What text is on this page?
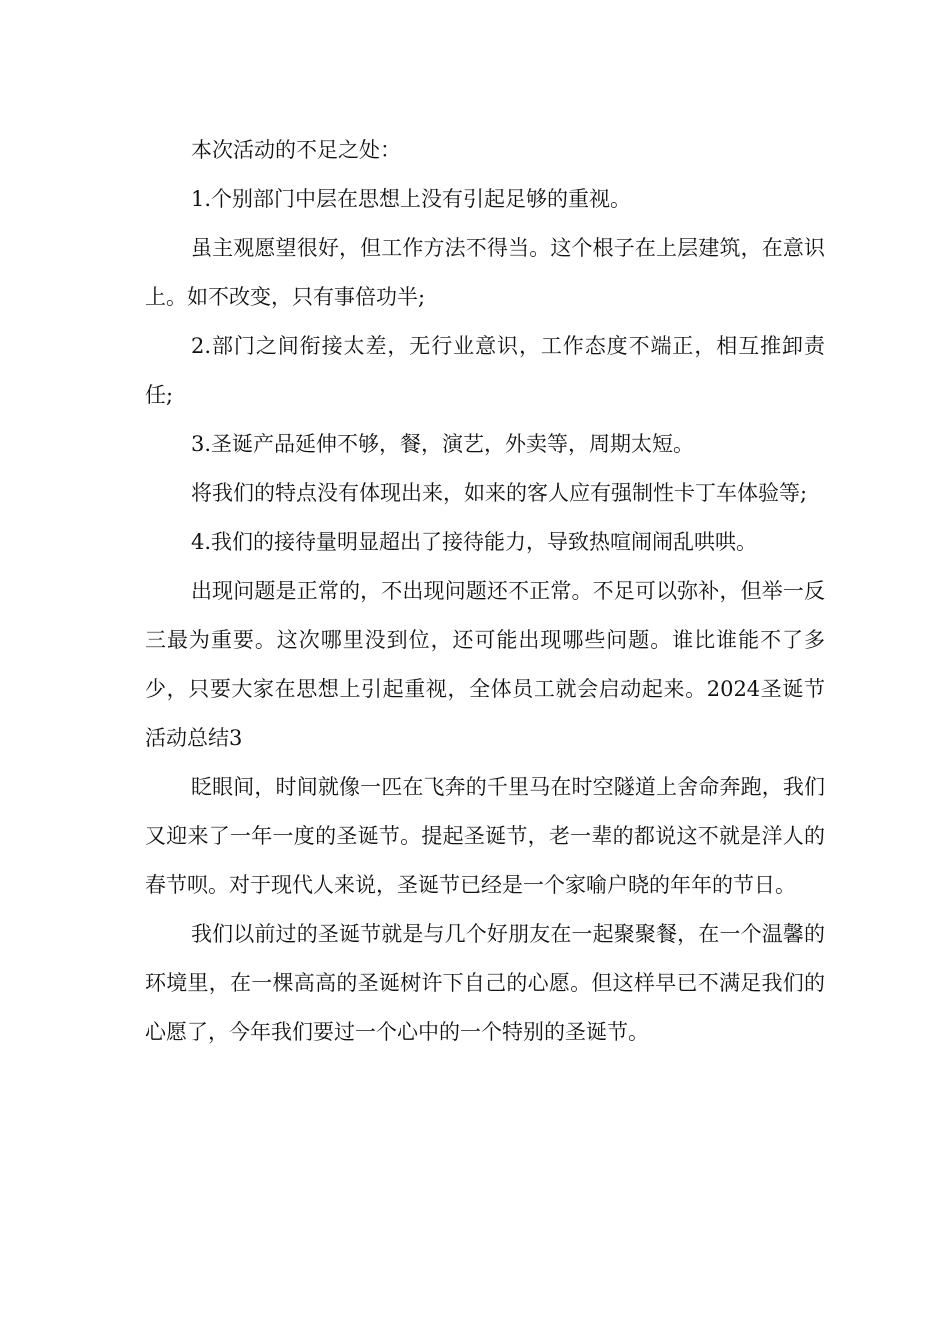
本次活动的不足之处：

1.个别部门中层在思想上没有引起足够的重视。

虽主观愿望很好，但工作方法不得当。这个根子在上层建筑，在意识上。如不改变，只有事倍功半;

2.部门之间衔接太差，无行业意识，工作态度不端正，相互推卸责任;

3.圣诞产品延伸不够，餐，演艺，外卖等，周期太短。

将我们的特点没有体现出来，如来的客人应有强制性卡丁车体验等;

4.我们的接待量明显超出了接待能力，导致热喧闹闹乱哄哄。

出现问题是正常的，不出现问题还不正常。不足可以弥补，但举一反三最为重要。这次哪里没到位，还可能出现哪些问题。谁比谁能不了多少，只要大家在思想上引起重视，全体员工就会启动起来。2024圣诞节活动总结3

眨眼间，时间就像一匹在飞奔的千里马在时空隧道上舍命奔跑，我们又迎来了一年一度的圣诞节。提起圣诞节，老一辈的都说这不就是洋人的春节呗。对于现代人来说，圣诞节已经是一个家喻户晓的年年的节日。

我们以前过的圣诞节就是与几个好朋友在一起聚聚餐，在一个温馨的环境里，在一棵高高的圣诞树许下自己的心愿。但这样早已不满足我们的心愿了，今年我们要过一个心中的一个特别的圣诞节。
